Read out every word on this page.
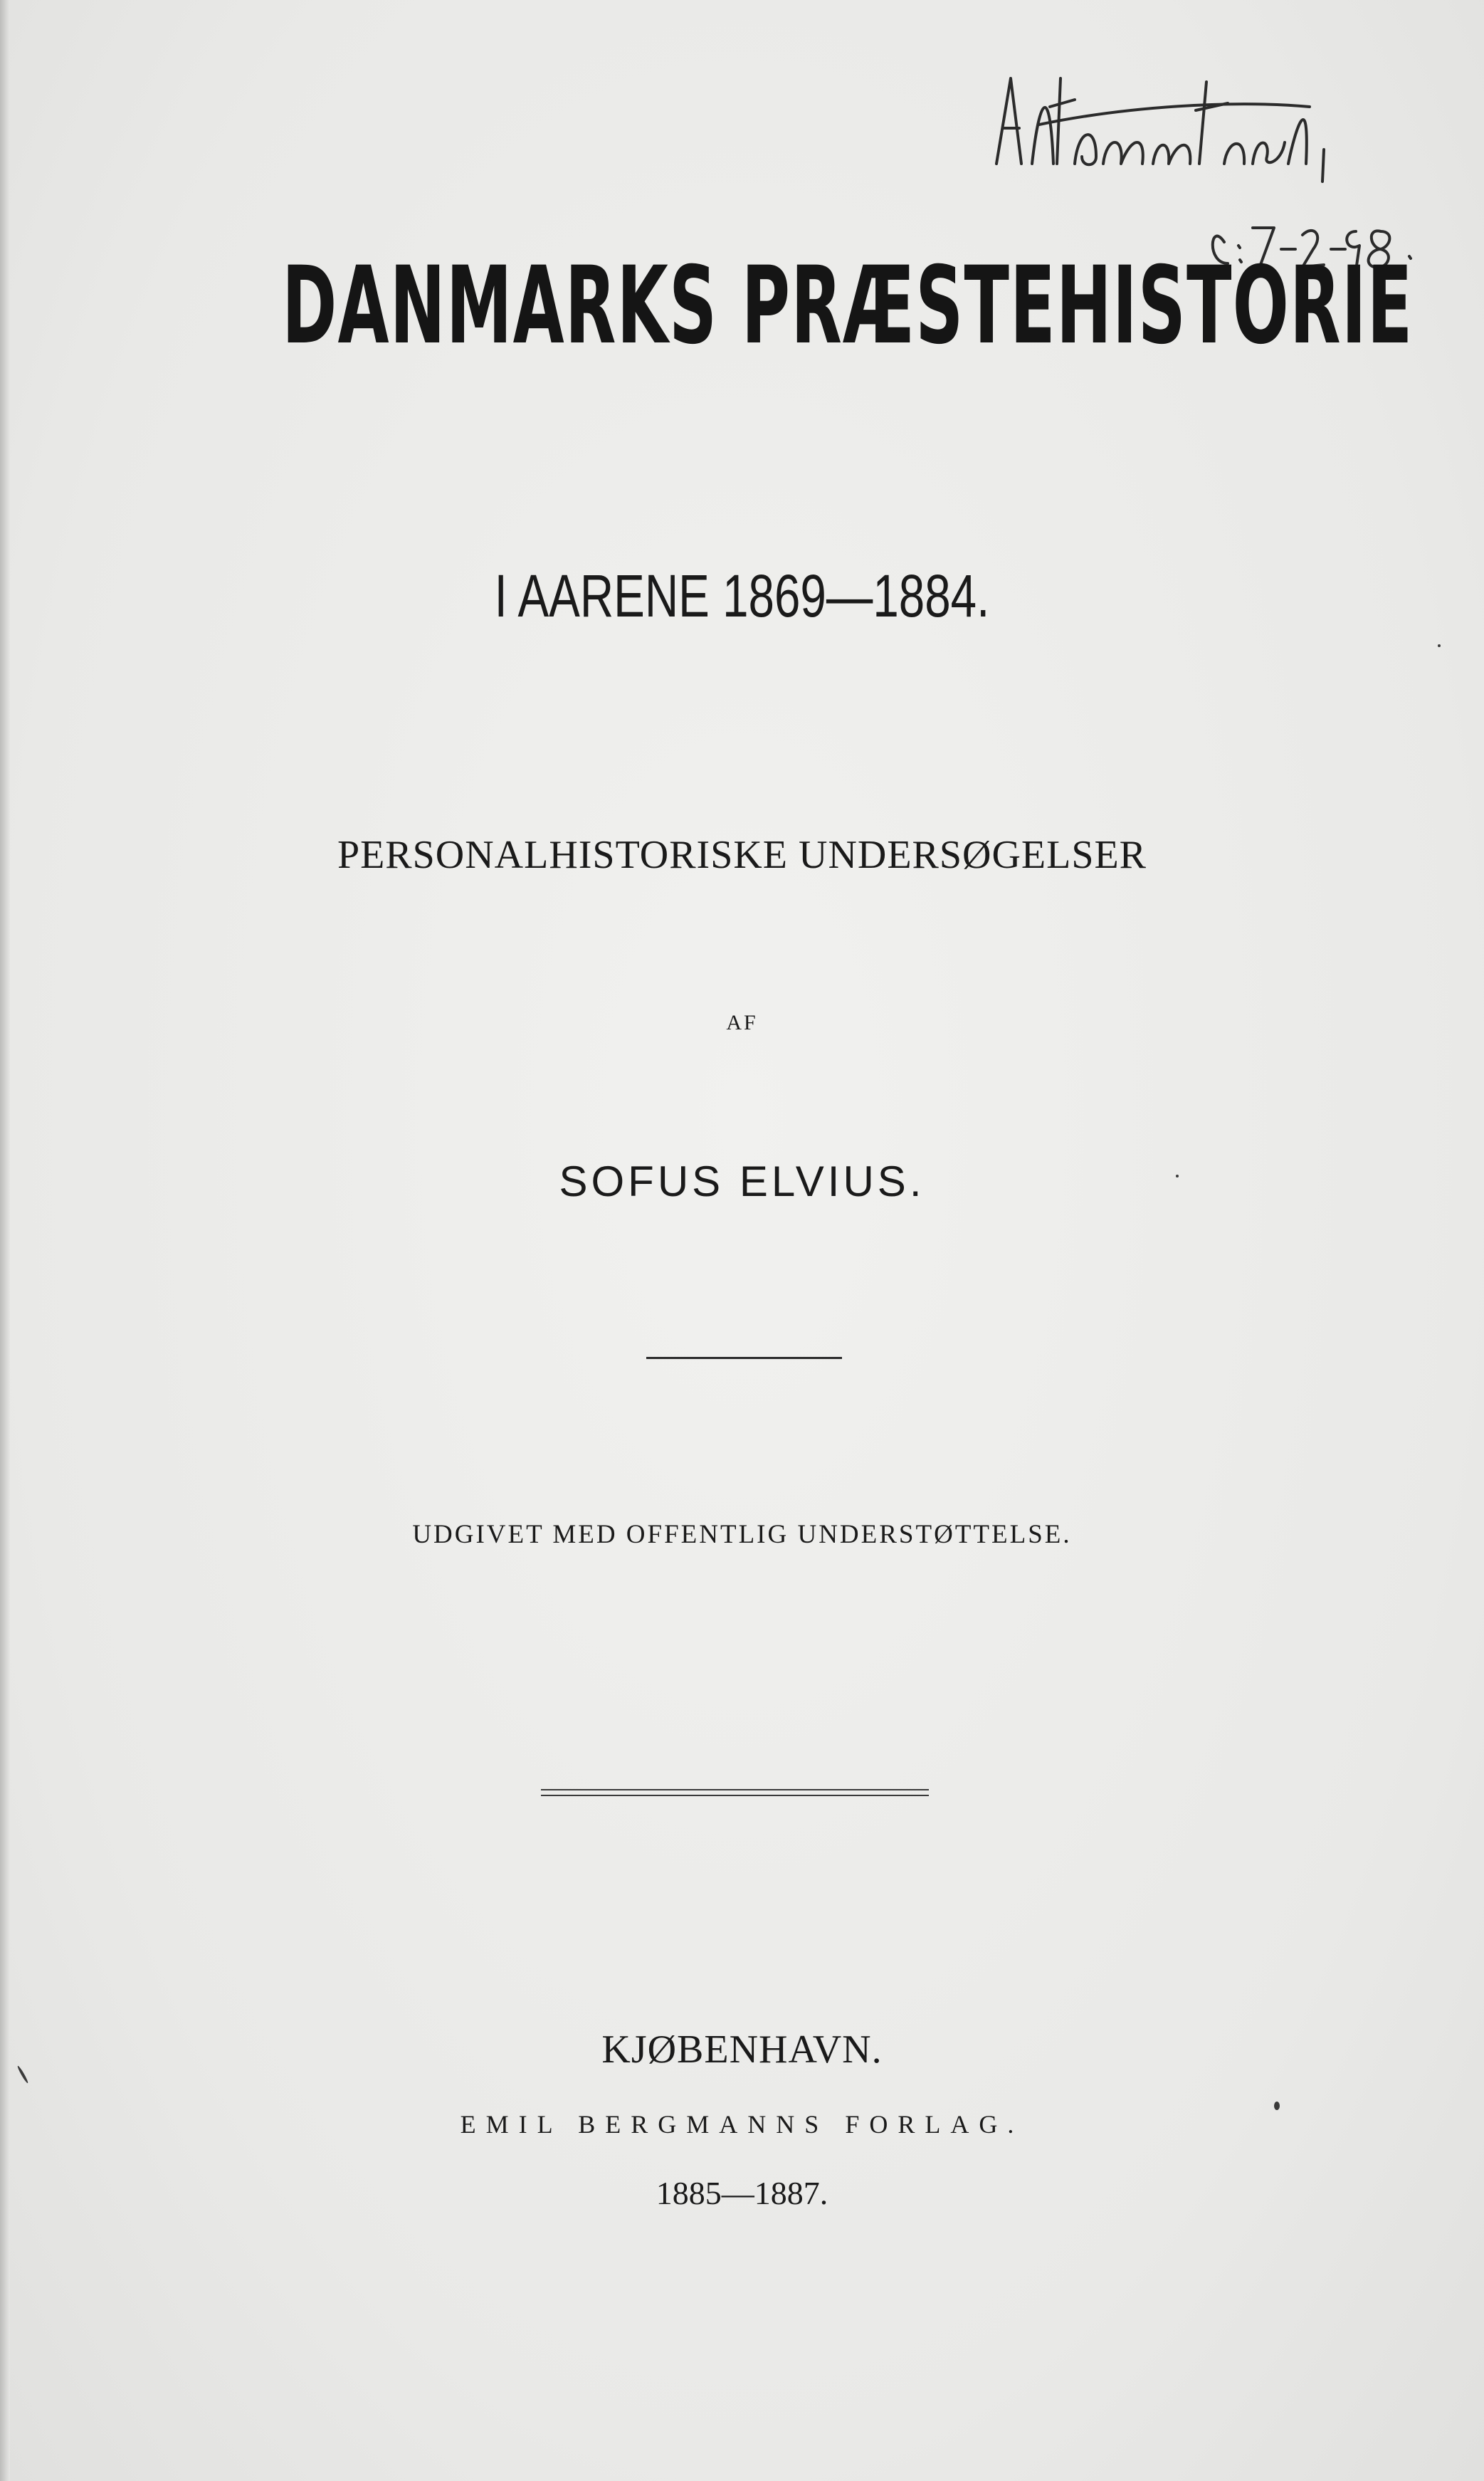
DANMARKS PRÆSTEHISTORIE
I AARENE 1869—1884.
PERSONALHISTORISKE UNDERSØGELSER
AF
SOFUS ELVIUS.
UDGIVET MED OFFENTLIG UNDERSTØTTELSE.
KJØBENHAVN.
EMIL BERGMANNS FORLAG.
1885—1887.
